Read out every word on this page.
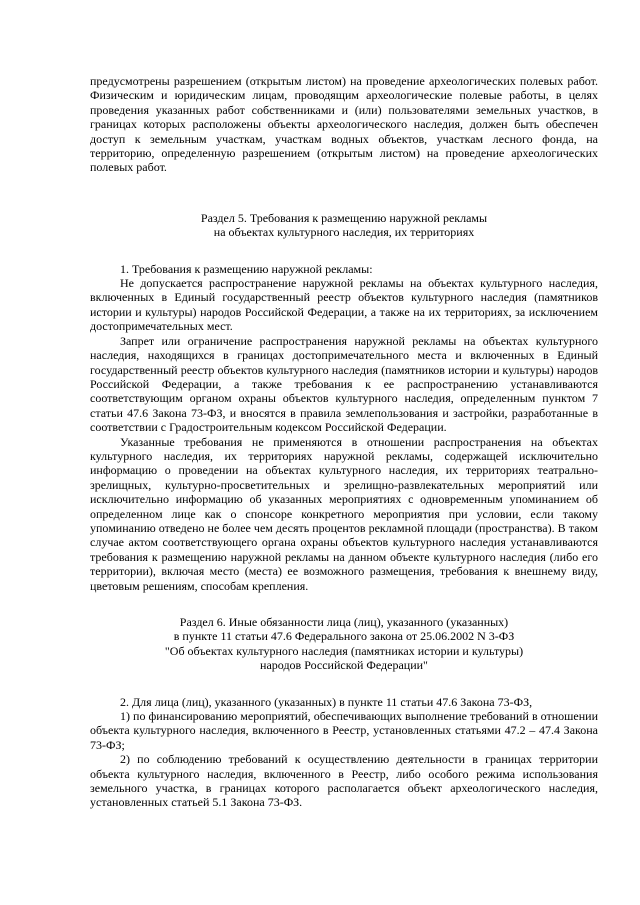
предусмотрены разрешением (открытым листом) на проведение археологических полевых работ. Физическим и юридическим лицам, проводящим археологические полевые работы, в целях проведения указанных работ собственниками и (или) пользователями земельных участков, в границах которых расположены объекты археологического наследия, должен быть обеспечен доступ к земельным участкам, участкам водных объектов, участкам лесного фонда, на территорию, определенную разрешением (открытым листом) на проведение археологических полевых работ.

Раздел 5. Требования к размещению наружной рекламы

на объектах культурного наследия, их территориях

1. Требования к размещению наружной рекламы:

Не допускается распространение наружной рекламы на объектах культурного наследия, включенных в Единый государственный реестр объектов культурного наследия (памятников истории и культуры) народов Российской Федерации, а также на их территориях, за исключением достопримечательных мест.

Запрет или ограничение распространения наружной рекламы на объектах культурного наследия, находящихся в границах достопримечательного места и включенных в Единый государственный реестр объектов культурного наследия (памятников истории и культуры) народов Российской Федерации, а также требования к ее распространению устанавливаются соответствующим органом охраны объектов культурного наследия, определенным пунктом 7 статьи 47.6 Закона 73-ФЗ, и вносятся в правила землепользования и застройки, разработанные в соответствии с Градостроительным кодексом Российской Федерации.

Указанные требования не применяются в отношении распространения на объектах культурного наследия, их территориях наружной рекламы, содержащей исключительно информацию о проведении на объектах культурного наследия, их территориях театрально-зрелищных, культурно-просветительных и зрелищно-развлекательных мероприятий или исключительно информацию об указанных мероприятиях с одновременным упоминанием об определенном лице как о спонсоре конкретного мероприятия при условии, если такому упоминанию отведено не более чем десять процентов рекламной площади (пространства). В таком случае актом соответствующего органа охраны объектов культурного наследия устанавливаются требования к размещению наружной рекламы на данном объекте культурного наследия (либо его территории), включая место (места) ее возможного размещения, требования к внешнему виду, цветовым решениям, способам крепления.

Раздел 6. Иные обязанности лица (лиц), указанного (указанных)

в пункте 11 статьи 47.6 Федерального закона от 25.06.2002 N 3-ФЗ

"Об объектах культурного наследия (памятниках истории и культуры)

народов Российской Федерации"

2. Для лица (лиц), указанного (указанных) в пункте 11 статьи 47.6 Закона 73-ФЗ,

1) по финансированию мероприятий, обеспечивающих выполнение требований в отношении объекта культурного наследия, включенного в Реестр, установленных статьями 47.2 – 47.4 Закона 73-ФЗ;

2) по соблюдению требований к осуществлению деятельности в границах территории объекта культурного наследия, включенного в Реестр, либо особого режима использования земельного участка, в границах которого располагается объект археологического наследия, установленных статьей 5.1 Закона 73-ФЗ.
